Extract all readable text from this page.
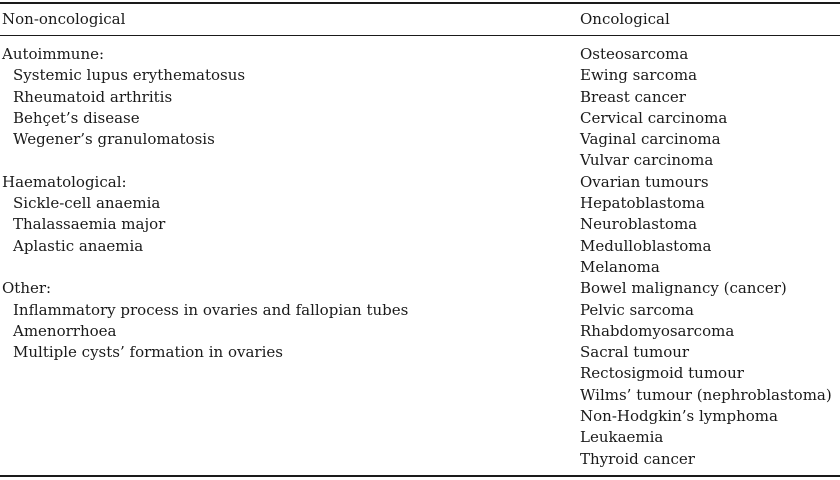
Non-oncological	Oncological
Autoimmune:
Systemic lupus erythematosus
Rheumatoid arthritis
Behçet’s disease
Wegener’s granulomatosis
Haematological:
Sickle-cell anaemia
Thalassaemia major
Aplastic anaemia
Other:
Inflammatory process in ovaries and fallopian tubes
Amenorrhoea
Multiple cysts’ formation in ovaries
Osteosarcoma
Ewing sarcoma
Breast cancer
Cervical carcinoma
Vaginal carcinoma
Vulvar carcinoma
Ovarian tumours
Hepatoblastoma
Neuroblastoma
Medulloblastoma
Melanoma
Bowel malignancy (cancer)
Pelvic sarcoma
Rhabdomyosarcoma
Sacral tumour
Rectosigmoid tumour
Wilms’ tumour (nephroblastoma)
Non-Hodgkin’s lymphoma
Leukaemia
Thyroid cancer
